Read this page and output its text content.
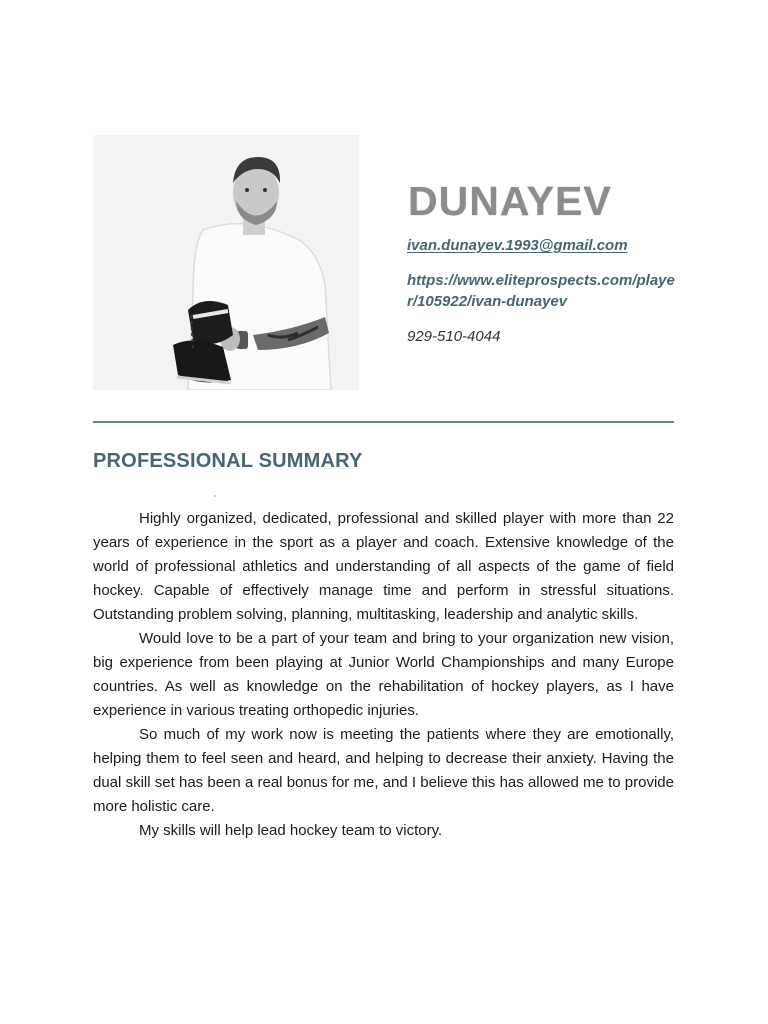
DUNAYEV
ivan.dunayev.1993@gmail.com
https://www.eliteprospects.com/player/105922/ivan-dunayev
929-510-4044
PROFESSIONAL SUMMARY

Highly organized, dedicated, professional and skilled player with more than 22 years of experience in the sport as a player and coach. Extensive knowledge of the world of professional athletics and understanding of all aspects of the game of field hockey. Capable of effectively manage time and perform in stressful situations. Outstanding problem solving, planning, multitasking, leadership and analytic skills.

Would love to be a part of your team and bring to your organization new vision, big experience from been playing at Junior World Championships and many Europe countries. As well as knowledge on the rehabilitation of hockey players, as I have experience in various treating orthopedic injuries.

So much of my work now is meeting the patients where they are emotionally, helping them to feel seen and heard, and helping to decrease their anxiety. Having the dual skill set has been a real bonus for me, and I believe this has allowed me to provide more holistic care.

My skills will help lead hockey team to victory.
